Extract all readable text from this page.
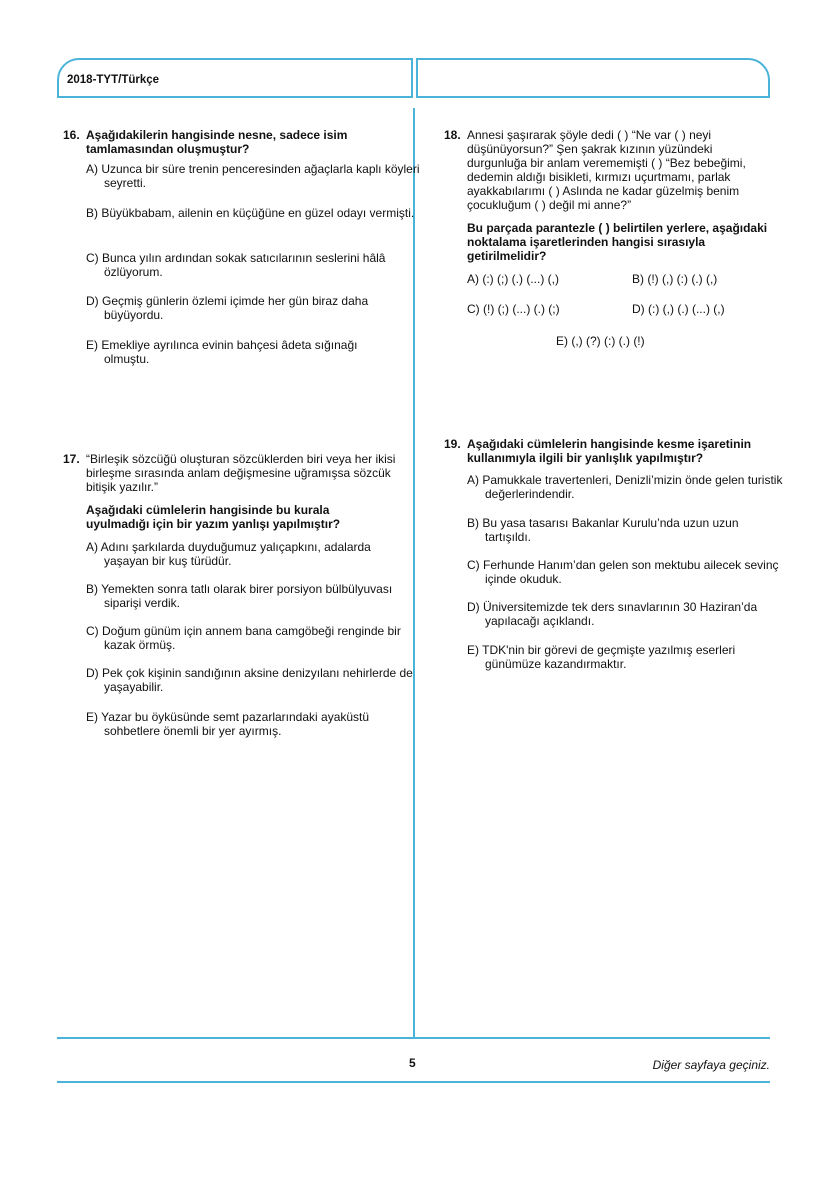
2018-TYT/Türkçe
16. Aşağıdakilerin hangisinde nesne, sadece isim tamlamasından oluşmuştur?
A) Uzunca bir süre trenin penceresinden ağaçlarla kaplı köyleri seyretti.
B) Büyükbabam, ailenin en küçüğüne en güzel odayı vermişti.
C) Bunca yılın ardından sokak satıcılarının seslerini hâlâ özlüyorum.
D) Geçmiş günlerin özlemi içimde her gün biraz daha büyüyordu.
E) Emekliye ayrılınca evinin bahçesi âdeta sığınağı olmuştu.
17. “Birleşik sözcüğü oluşturan sözcüklerden biri veya her ikisi birleşme sırasında anlam değişmesine uğramışsa sözcük bitişik yazılır.”
Aşağıdaki cümlelerin hangisinde bu kurala uyulmadığı için bir yazım yanlışı yapılmıştır?
A) Adını şarkılarda duyduğumuz yalıçapkını, adalarda yaşayan bir kuş türüdür.
B) Yemekten sonra tatlı olarak birer porsiyon bülbülyuvası siparişi verdik.
C) Doğum günüm için annem bana camgöbeği renginde bir kazak örmüş.
D) Pek çok kişinin sandığının aksine denizyılanı nehirlerde de yaşayabilir.
E) Yazar bu öyküsünde semt pazarlarındaki ayaküstü sohbetlere önemli bir yer ayırmış.
18. Annesi şaşırarak şöyle dedi ( ) “Ne var ( ) neyi düşünüyorsun?” Şen şakrak kızının yüzündeki durgunluğa bir anlam verememişti ( ) “Bez bebeğimi, dedemin aldığı bisikleti, kırmızı uçurtmamı, parlak ayakkabılarımı ( ) Aslında ne kadar güzelmiş benim çocukluğum ( ) değil mi anne?”
Bu parçada parantezle ( ) belirtilen yerlere, aşağıdaki noktalama işaretlerinden hangisi sırasıyla getirilmelidir?
A) (:) (;) (.) (...) (,)	B) (!) (,) (:) (.) (,)
C) (!) (;) (...) (.) (;)	D) (:) (,) (.) (...) (,)
E) (,) (?) (:) (.) (!)
19. Aşağıdaki cümlelerin hangisinde kesme işaretinin kullanımıyla ilgili bir yanlışlık yapılmıştır?
A) Pamukkale travertenleri, Denizli’mizin önde gelen turistik değerlerindendir.
B) Bu yasa tasarısı Bakanlar Kurulu’nda uzun uzun tartışıldı.
C) Ferhunde Hanım’dan gelen son mektubu ailecek sevinç içinde okuduk.
D) Üniversitemizde tek ders sınavlarının 30 Haziran’da yapılacağı açıklandı.
E) TDK'nin bir görevi de geçmişte yazılmış eserleri günümüze kazandırmaktır.
5	Diğer sayfaya geçiniz.
